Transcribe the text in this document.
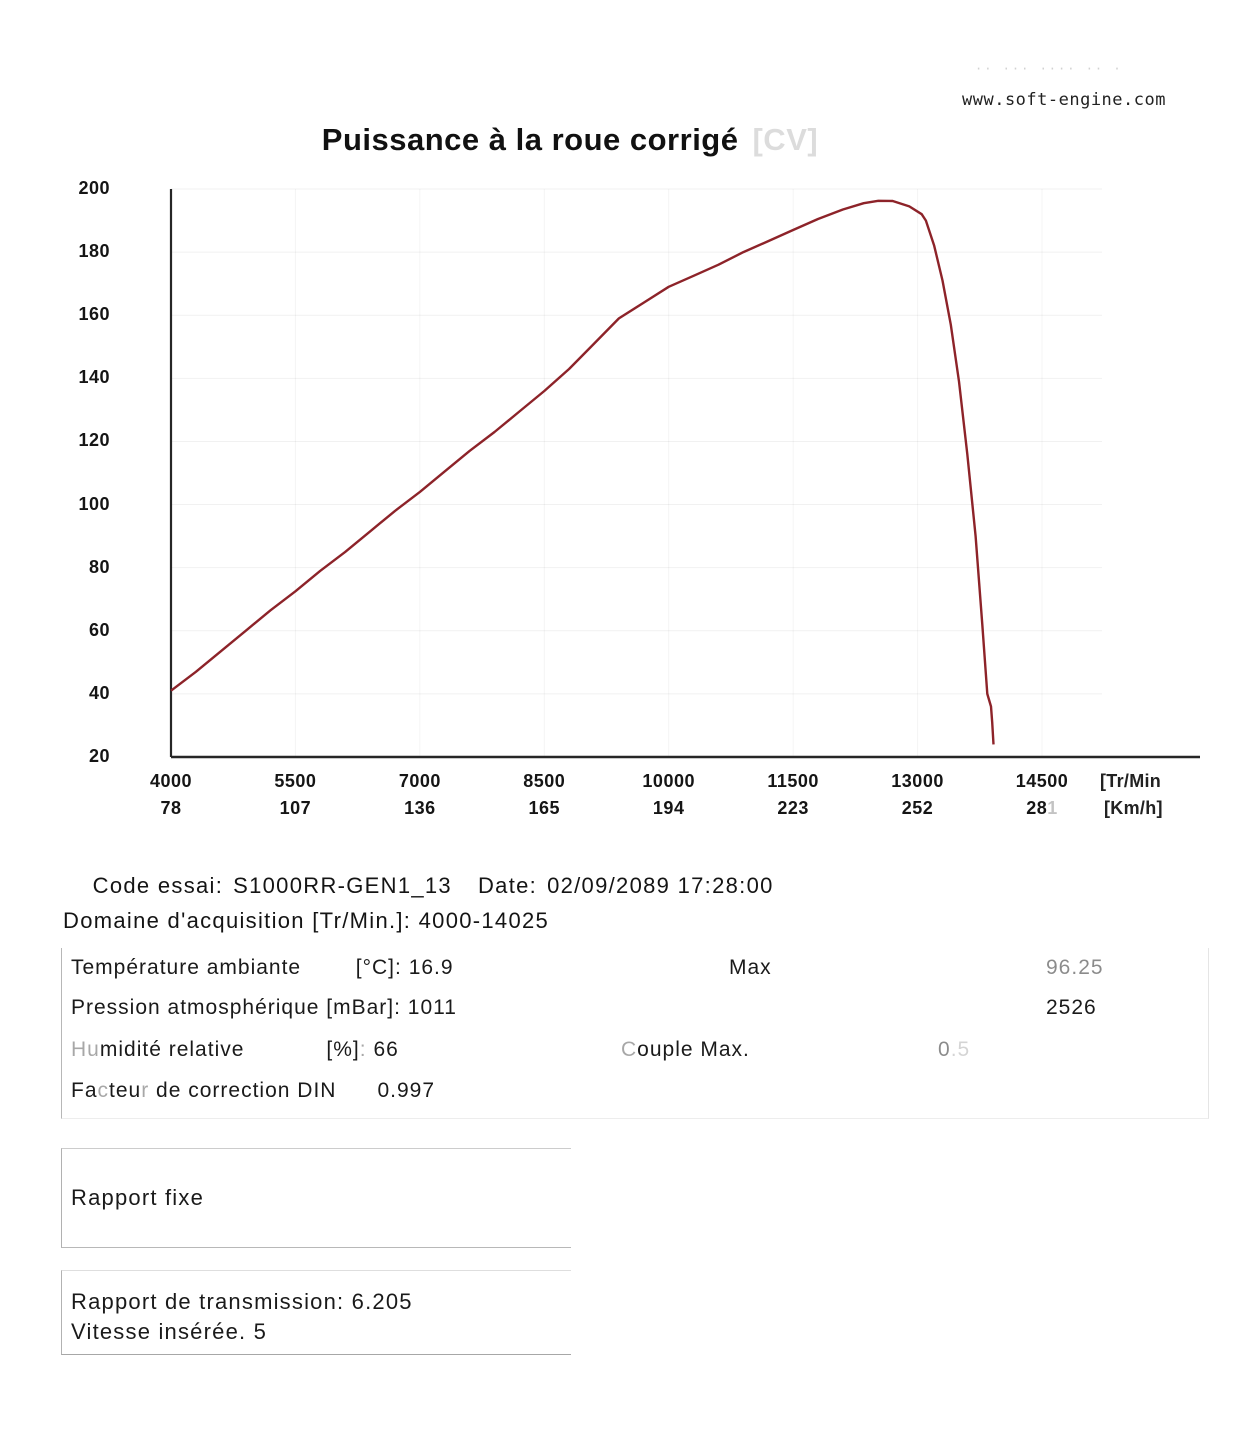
·· ··· ···· ·· ·
www.soft-engine.com
Puissance à la roue corrigé [CV]
200
180
160
140
120
100
80
60
40
20
4000
78
5500
107
7000
136
8500
165
10000
194
11500
223
13000
252
14500
281
[Tr/Min
[Km/h]

Code essai: S1000RR-GEN1_13 Date: 02/09/2089 17:28:00

Domaine d'acquisition [Tr/Min.]: 4000-14025
Température ambiante        [°C]: 16.9	Max	96.25
Pression atmosphérique [mBar]: 1011	2526
Humidité relative            [%]: 66	Couple Max.	0.5
Facteur de correction DIN      0.997
Rapport fixe
Rapport de transmission: 6.205
Vitesse insérée. 5
